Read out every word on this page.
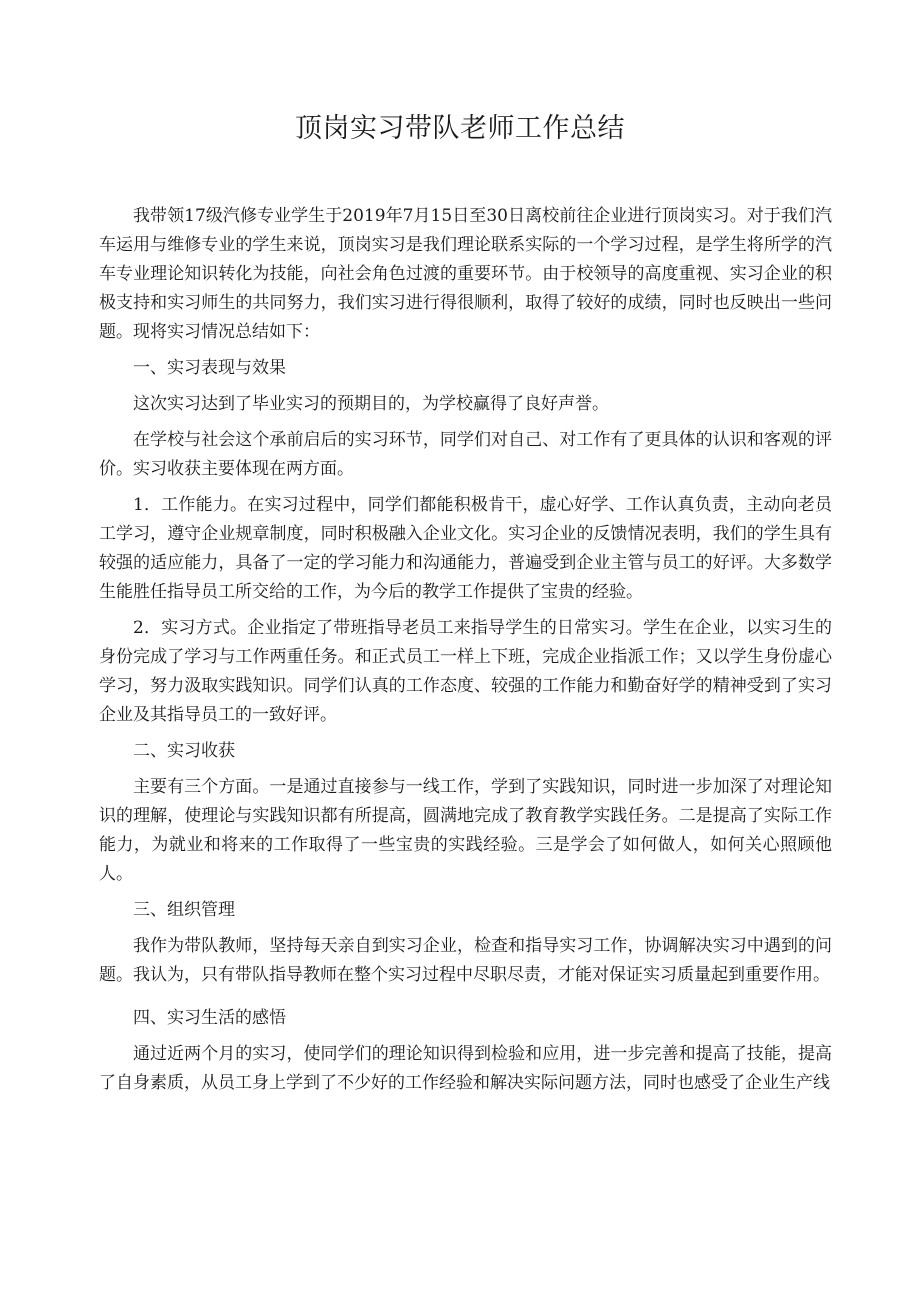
顶岗实习带队老师工作总结

我带领17级汽修专业学生于2019年7月15日至30日离校前往企业进行顶岗实习。对于我们汽车运用与维修专业的学生来说，顶岗实习是我们理论联系实际的一个学习过程，是学生将所学的汽车专业理论知识转化为技能，向社会角色过渡的重要环节。由于校领导的高度重视、实习企业的积极支持和实习师生的共同努力，我们实习进行得很顺利，取得了较好的成绩，同时也反映出一些问题。现将实习情况总结如下：

一、实习表现与效果

这次实习达到了毕业实习的预期目的，为学校赢得了良好声誉。

在学校与社会这个承前启后的实习环节，同学们对自己、对工作有了更具体的认识和客观的评价。实习收获主要体现在两方面。

1．工作能力。在实习过程中，同学们都能积极肯干，虚心好学、工作认真负责，主动向老员工学习，遵守企业规章制度，同时积极融入企业文化。实习企业的反馈情况表明，我们的学生具有较强的适应能力，具备了一定的学习能力和沟通能力，普遍受到企业主管与员工的好评。大多数学生能胜任指导员工所交给的工作，为今后的教学工作提供了宝贵的经验。

2．实习方式。企业指定了带班指导老员工来指导学生的日常实习。学生在企业，以实习生的身份完成了学习与工作两重任务。和正式员工一样上下班，完成企业指派工作；又以学生身份虚心学习，努力汲取实践知识。同学们认真的工作态度、较强的工作能力和勤奋好学的精神受到了实习企业及其指导员工的一致好评。

二、实习收获

主要有三个方面。一是通过直接参与一线工作，学到了实践知识，同时进一步加深了对理论知识的理解，使理论与实践知识都有所提高，圆满地完成了教育教学实践任务。二是提高了实际工作能力，为就业和将来的工作取得了一些宝贵的实践经验。三是学会了如何做人，如何关心照顾他人。

三、组织管理

我作为带队教师，坚持每天亲自到实习企业，检查和指导实习工作，协调解决实习中遇到的问题。我认为，只有带队指导教师在整个实习过程中尽职尽责，才能对保证实习质量起到重要作用。

四、实习生活的感悟

通过近两个月的实习，使同学们的理论知识得到检验和应用，进一步完善和提高了技能，提高了自身素质，从员工身上学到了不少好的工作经验和解决实际问题方法，同时也感受了企业生产线
